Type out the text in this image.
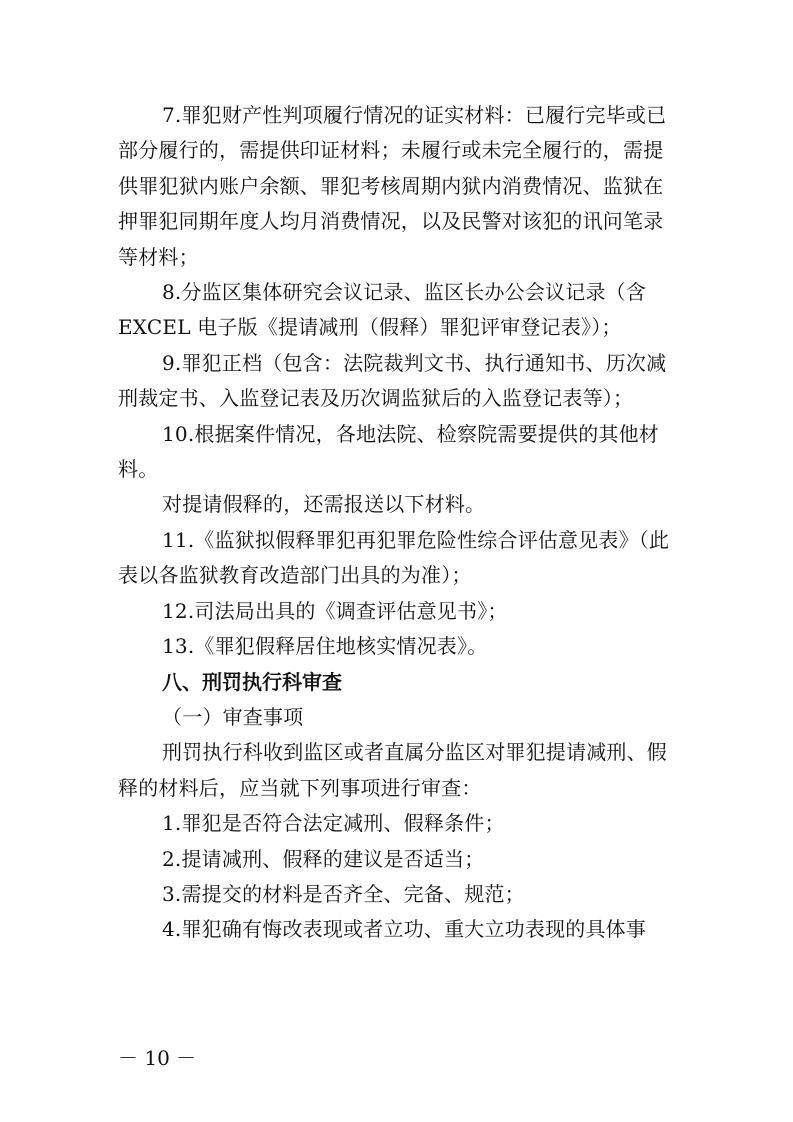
7.罪犯财产性判项履行情况的证实材料：已履行完毕或已部分履行的，需提供印证材料；未履行或未完全履行的，需提供罪犯狱内账户余额、罪犯考核周期内狱内消费情况、监狱在押罪犯同期年度人均月消费情况，以及民警对该犯的讯问笔录等材料；

8.分监区集体研究会议记录、监区长办公会议记录（含EXCEL 电子版《提请减刑（假释）罪犯评审登记表》）；

9.罪犯正档（包含：法院裁判文书、执行通知书、历次减刑裁定书、入监登记表及历次调监狱后的入监登记表等）；

10.根据案件情况，各地法院、检察院需要提供的其他材料。

对提请假释的，还需报送以下材料。

11.《监狱拟假释罪犯再犯罪危险性综合评估意见表》（此表以各监狱教育改造部门出具的为准）；

12.司法局出具的《调查评估意见书》；

13.《罪犯假释居住地核实情况表》。

八、刑罚执行科审查

（一）审查事项

刑罚执行科收到监区或者直属分监区对罪犯提请减刑、假释的材料后，应当就下列事项进行审查：

1.罪犯是否符合法定减刑、假释条件；

2.提请减刑、假释的建议是否适当；

3.需提交的材料是否齐全、完备、规范；

4.罪犯确有悔改表现或者立功、重大立功表现的具体事

－ 10 －
